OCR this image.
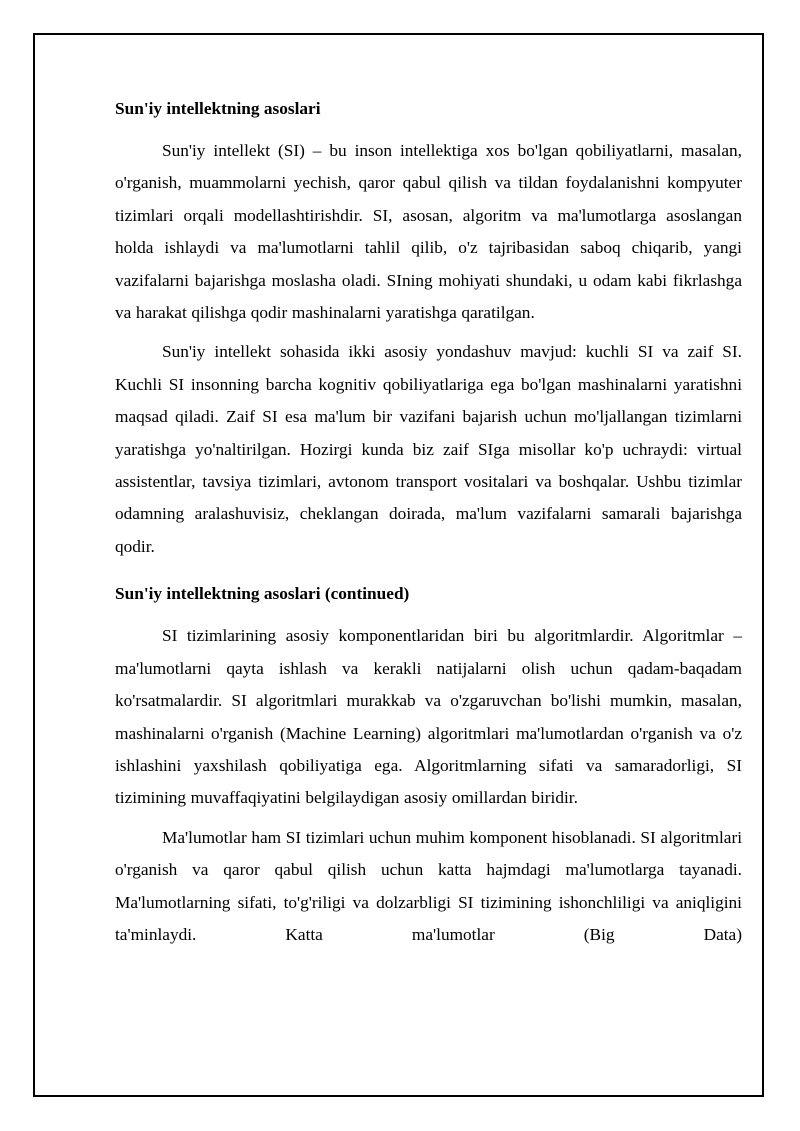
Sun'iy intellektning asoslari

Sun'iy intellekt (SI) – bu inson intellektiga xos bo'lgan qobiliyatlarni, masalan, o'rganish, muammolarni yechish, qaror qabul qilish va tildan foydalanishni kompyuter tizimlari orqali modellashtirishdir. SI, asosan, algoritm va ma'lumotlarga asoslangan holda ishlaydi va ma'lumotlarni tahlil qilib, o'z tajribasidan saboq chiqarib, yangi vazifalarni bajarishga moslasha oladi. SIning mohiyati shundaki, u odam kabi fikrlashga va harakat qilishga qodir mashinalarni yaratishga qaratilgan.

Sun'iy intellekt sohasida ikki asosiy yondashuv mavjud: kuchli SI va zaif SI. Kuchli SI insonning barcha kognitiv qobiliyatlariga ega bo'lgan mashinalarni yaratishni maqsad qiladi. Zaif SI esa ma'lum bir vazifani bajarish uchun mo'ljallangan tizimlarni yaratishga yo'naltirilgan. Hozirgi kunda biz zaif SIga misollar ko'p uchraydi: virtual assistentlar, tavsiya tizimlari, avtonom transport vositalari va boshqalar. Ushbu tizimlar odamning aralashuvisiz, cheklangan doirada, ma'lum vazifalarni samarali bajarishga qodir.

Sun'iy intellektning asoslari (continued)

SI tizimlarining asosiy komponentlaridan biri bu algoritmlardir. Algoritmlar – ma'lumotlarni qayta ishlash va kerakli natijalarni olish uchun qadam-baqadam ko'rsatmalardir. SI algoritmlari murakkab va o'zgaruvchan bo'lishi mumkin, masalan, mashinalarni o'rganish (Machine Learning) algoritmlari ma'lumotlardan o'rganish va o'z ishlashini yaxshilash qobiliyatiga ega. Algoritmlarning sifati va samaradorligi, SI tizimining muvaffaqiyatini belgilaydigan asosiy omillardan biridir.

Ma'lumotlar ham SI tizimlari uchun muhim komponent hisoblanadi. SI algoritmlari o'rganish va qaror qabul qilish uchun katta hajmdagi ma'lumotlarga tayanadi. Ma'lumotlarning sifati, to'g'riligi va dolzarbligi SI tizimining ishonchliligi va aniqligini ta'minlaydi. Katta ma'lumotlar (Big Data)
